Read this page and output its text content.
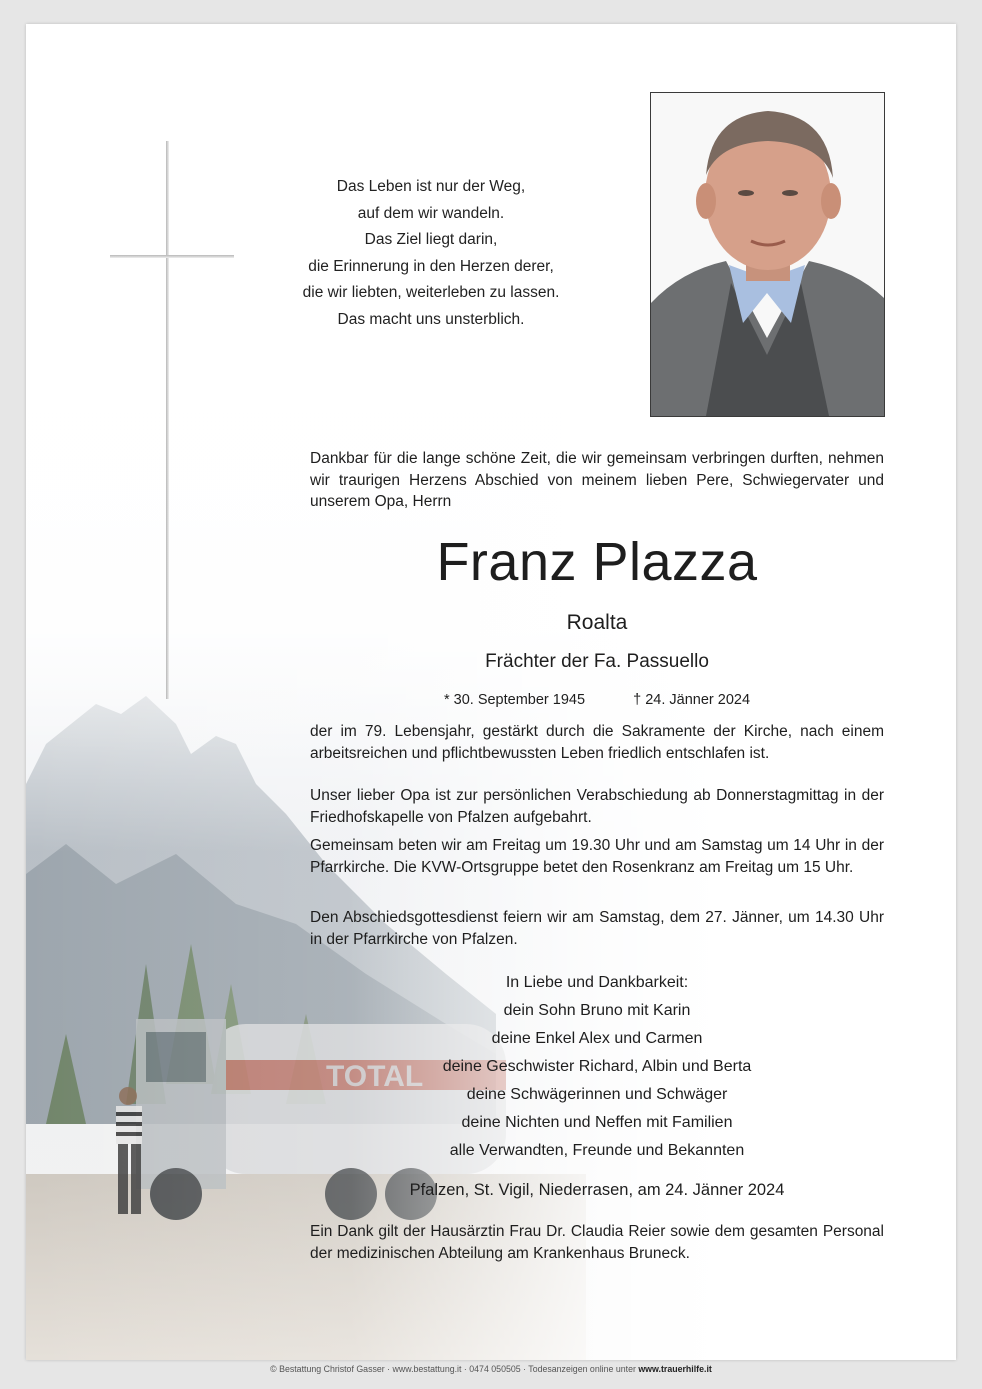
Das Leben ist nur der Weg,
auf dem wir wandeln.
Das Ziel liegt darin,
die Erinnerung in den Herzen derer,
die wir liebten, weiterleben zu lassen.
Das macht uns unsterblich.
Dankbar für die lange schöne Zeit, die wir gemeinsam verbringen durften, nehmen wir traurigen Herzens Abschied von meinem lieben Pere, Schwiegervater und unserem Opa, Herrn
Franz Plazza
Roalta
Frächter der Fa. Passuello
* 30. September 1945	† 24. Jänner 2024
der im 79. Lebensjahr, gestärkt durch die Sakramente der Kirche, nach einem arbeitsreichen und pflichtbewussten Leben friedlich entschlafen ist.
Unser lieber Opa ist zur persönlichen Verabschiedung ab Donnerstagmittag in der Friedhofskapelle von Pfalzen aufgebahrt.
Gemeinsam beten wir am Freitag um 19.30 Uhr und am Samstag um 14 Uhr in der Pfarrkirche. Die KVW-Ortsgruppe betet den Rosenkranz am Freitag um 15 Uhr.
Den Abschiedsgottesdienst feiern wir am Samstag, dem 27. Jänner, um 14.30 Uhr in der Pfarrkirche von Pfalzen.
In Liebe und Dankbarkeit:
dein Sohn Bruno mit Karin
deine Enkel Alex und Carmen
deine Geschwister Richard, Albin und Berta
deine Schwägerinnen und Schwäger
deine Nichten und Neffen mit Familien
alle Verwandten, Freunde und Bekannten
Pfalzen, St. Vigil, Niederrasen, am 24. Jänner 2024
Ein Dank gilt der Hausärztin Frau Dr. Claudia Reier sowie dem gesamten Personal der medizinischen Abteilung am Krankenhaus Bruneck.
© Bestattung Christof Gasser · www.bestattung.it · 0474 050505 · Todesanzeigen online unter www.trauerhilfe.it
